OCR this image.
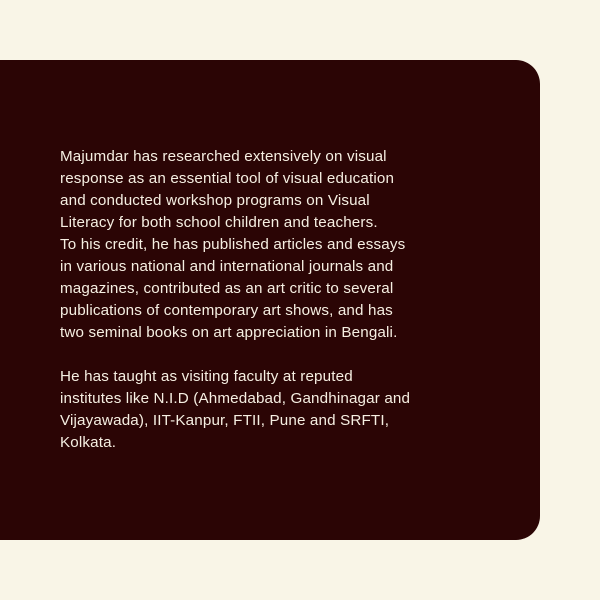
Majumdar has researched extensively on visual
response as an essential tool of visual education
and conducted workshop programs on Visual
Literacy for both school children and teachers.
To his credit, he has published articles and essays
in various national and international journals and
magazines, contributed as an art critic to several
publications of contemporary art shows, and has
two seminal books on art appreciation in Bengali.

He has taught as visiting faculty at reputed
institutes like N.I.D (Ahmedabad, Gandhinagar and
Vijayawada), IIT-Kanpur, FTII, Pune and SRFTI,
Kolkata.
